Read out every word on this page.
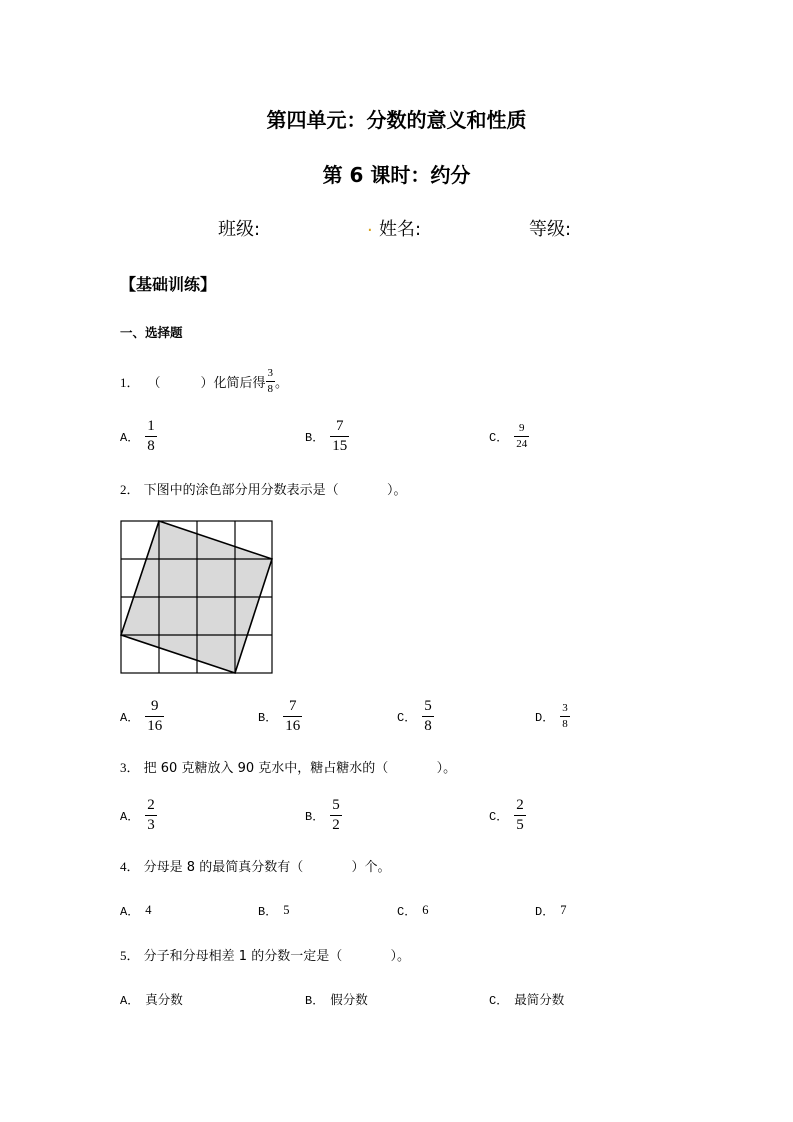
第四单元：分数的意义和性质
第 6 课时：约分
班级:	. 姓名:	等级:
【基础训练】
一、选择题
1． （	）化简后得 $\frac{3}{8}$ 。
A． $\frac{1}{8}$	B． $\frac{7}{15}$	C． $\frac{9}{24}$
2． 下图中的涂色部分用分数表示是（	）。
A． $\frac{9}{16}$	B． $\frac{7}{16}$	C． $\frac{5}{8}$	D． $\frac{3}{8}$
3． 把 60 克糖放入 90 克水中，糖占糖水的（	）。
A． $\frac{2}{3}$	B． $\frac{5}{2}$	C． $\frac{2}{5}$
4． 分母是 8 的最简真分数有（	）个。
A． 4	B． 5	C． 6	D． 7
5． 分子和分母相差 1 的分数一定是（	）。
A． 真分数	B． 假分数	C． 最简分数
